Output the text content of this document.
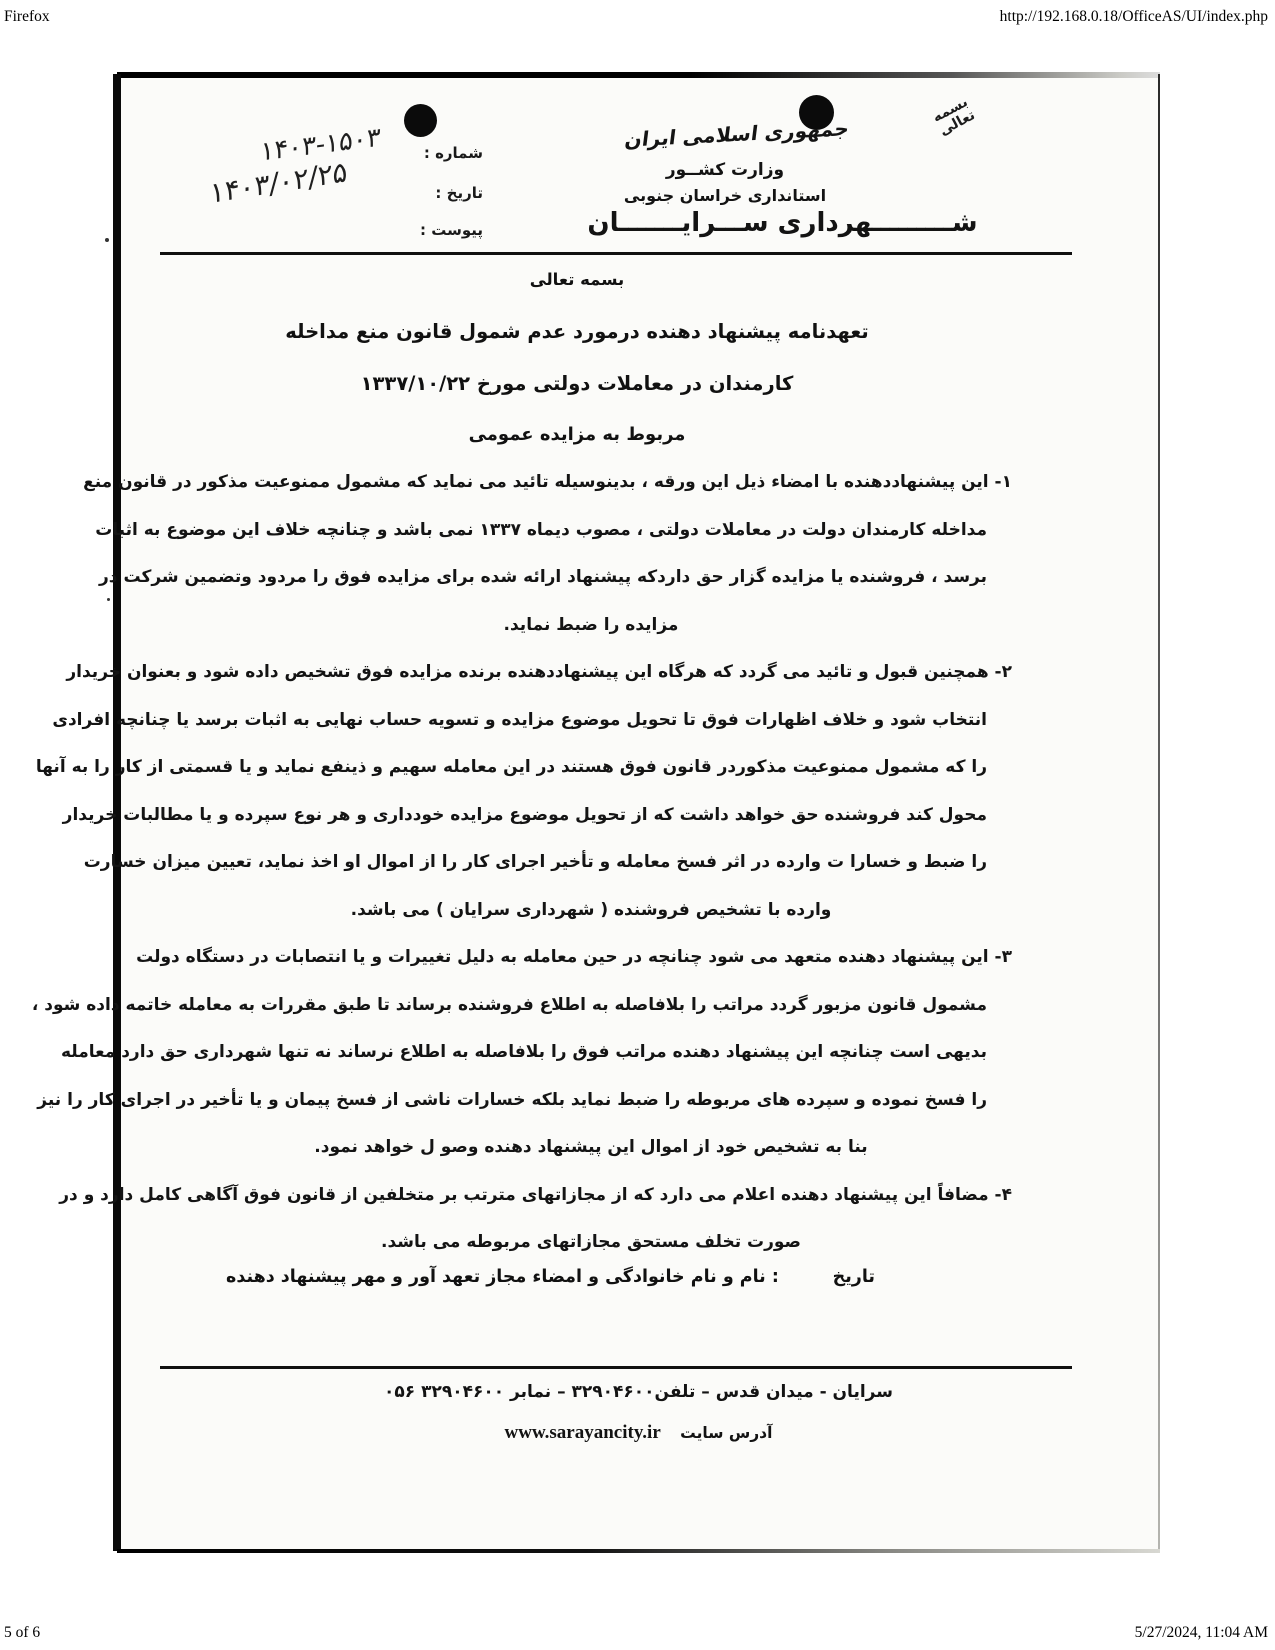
Firefox	http://192.168.0.18/OfficeAS/UI/index.php
5 of 6	5/27/2024, 11:04 AM
بسمه تعالی
جمهوری اسلامی ایران
وزارت کشــور
استانداری خراسان جنوبی
شـــــــــهرداری ســـرایـــــــان
شماره :
تاریخ :
پیوست :
۱۴۰۳-۱۵۰۳
۱۴۰۳/۰۲/۲۵
بسمه تعالی
تعهدنامه پیشنهاد دهنده درمورد عدم شمول قانون منع مداخله
کارمندان در معاملات دولتی مورخ ۱۳۳۷/۱۰/۲۲
مربوط به مزایده عمومی
۱- این پیشنهاددهنده با امضاء ذیل این ورقه ، بدینوسیله تائید می نماید که مشمول ممنوعیت مذکور در قانون منع
مداخله کارمندان دولت در معاملات دولتی ، مصوب دیماه ۱۳۳۷ نمی باشد و چنانچه خلاف این موضوع به اثبات
برسد ، فروشنده یا مزایده گزار حق داردکه پیشنهاد ارائه شده برای مزایده فوق را مردود وتضمین شرکت در
مزایده را ضبط نماید.
۲- همچنین قبول و تائید می گردد که هرگاه این پیشنهاددهنده برنده مزایده فوق تشخیص داده شود و بعنوان خریدار
انتخاب شود و خلاف اظهارات فوق تا تحویل موضوع مزایده و تسویه حساب نهایی به اثبات برسد یا چنانچه افرادی
را که مشمول ممنوعیت مذکوردر قانون فوق هستند در این معامله سهیم و ذینفع نماید و یا قسمتی از کار را به آنها
محول کند فروشنده حق خواهد داشت که از تحویل موضوع مزایده خودداری و هر نوع سپرده و یا مطالبات خریدار
را ضبط و خسارا ت وارده در اثر فسخ معامله و تأخیر اجرای کار را از اموال او اخذ نماید، تعیین میزان خسارت
وارده با تشخیص فروشنده ( شهرداری سرایان ) می باشد.
۳- این پیشنهاد دهنده متعهد می شود چنانچه در حین معامله به دلیل تغییرات و یا انتصابات در دستگاه دولت
مشمول قانون مزبور گردد مراتب را بلافاصله به اطلاع فروشنده برساند تا طبق مقررات به معامله خاتمه داده شود ،
بدیهی است چنانچه این پیشنهاد دهنده مراتب فوق را بلافاصله به اطلاع نرساند نه تنها شهرداری حق دارد معامله
را فسخ نموده و سپرده های مربوطه را ضبط نماید بلکه خسارات ناشی از فسخ پیمان و یا تأخیر در اجرای کار را نیز
بنا به تشخیص خود از اموال این پیشنهاد دهنده وصو ل خواهد نمود.
۴- مضافاً این پیشنهاد دهنده اعلام می دارد که از مجازاتهای مترتب بر متخلفین از قانون فوق آگاهی کامل دارد و در
صورت تخلف مستحق مجازاتهای مربوطه می باشد.
تاریخ
: نام و نام خانوادگی و امضاء مجاز تعهد آور و مهر پیشنهاد دهنده
سرایان - میدان قدس – تلفن۳۲۹۰۴۶۰۰ – نمابر ۳۲۹۰۴۶۰۰ ۰۵۶
آدرس سایت www.sarayancity.ir
